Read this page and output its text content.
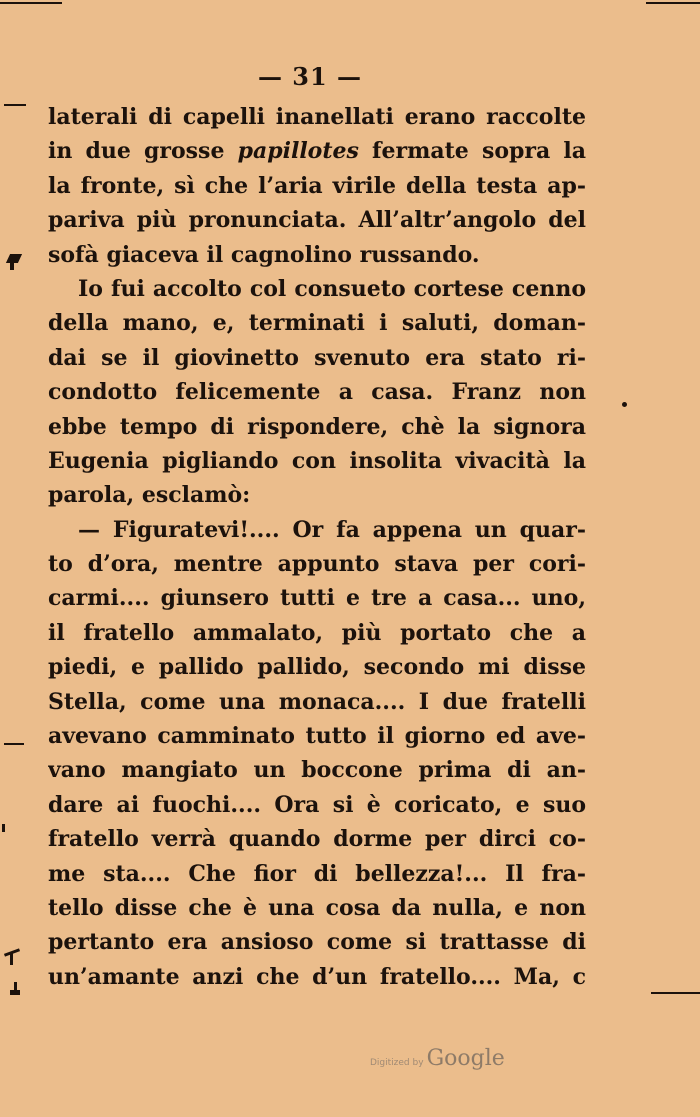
— 31 —
laterali di capelli inanellati erano raccolte
in due grosse papillotes fermate sopra la
la fronte, sì che l’aria virile della testa ap-
pariva più pronunciata. All’altr’angolo del
sofà giaceva il cagnolino russando.
Io fui accolto col consueto cortese cenno
della mano, e, terminati i saluti, doman-
dai se il giovinetto svenuto era stato ri-
condotto felicemente a casa. Franz non
ebbe tempo di rispondere, chè la signora
Eugenia pigliando con insolita vivacità la
parola, esclamò:
— Figuratevi!.... Or fa appena un quar-
to d’ora, mentre appunto stava per cori-
carmi.... giunsero tutti e tre a casa... uno,
il fratello ammalato, più portato che a
piedi, e pallido pallido, secondo mi disse
Stella, come una monaca.... I due fratelli
avevano camminato tutto il giorno ed ave-
vano mangiato un boccone prima di an-
dare ai fuochi.... Ora si è coricato, e suo
fratello verrà quando dorme per dirci co-
me sta.... Che fior di bellezza!... Il fra-
tello disse che è una cosa da nulla, e non
pertanto era ansioso come si trattasse di
un’amante anzi che d’un fratello.... Ma, c
Digitized by Google
